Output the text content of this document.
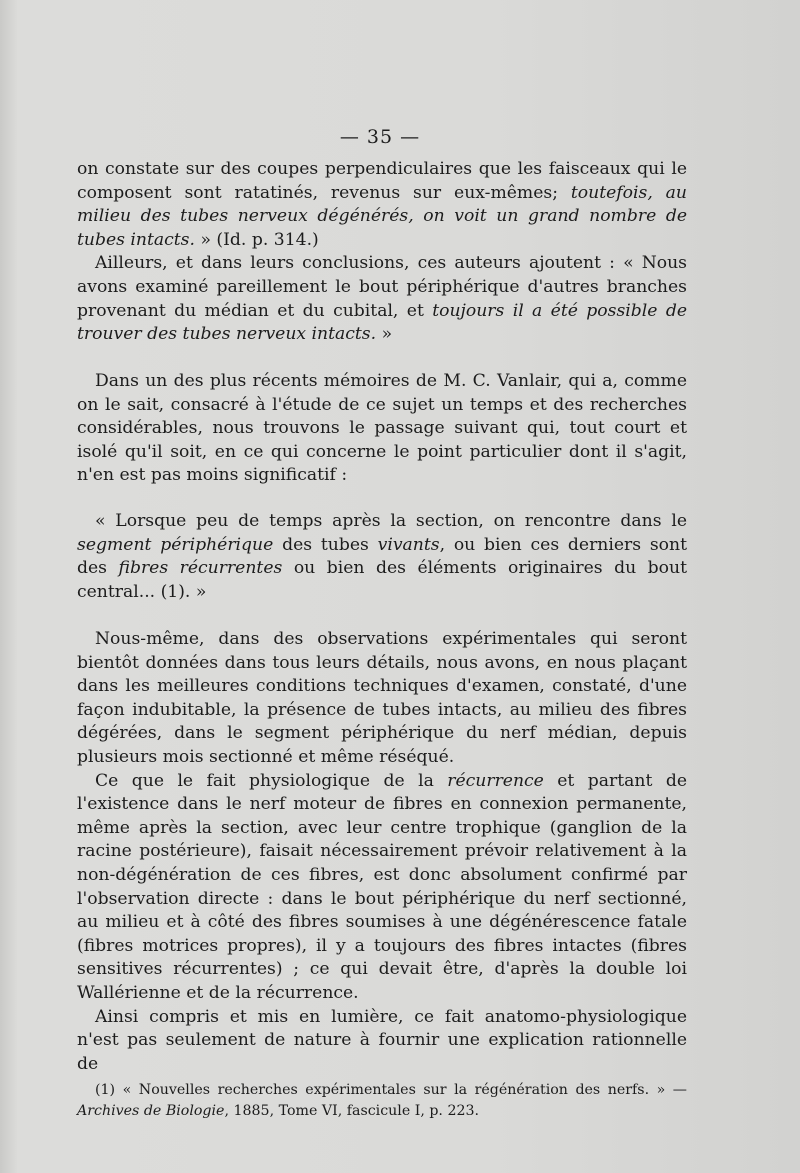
— 35 —

on constate sur des coupes perpendiculaires que les faisceaux qui le composent sont ratatinés, revenus sur eux-mêmes; toutefois, au milieu des tubes nerveux dégénérés, on voit un grand nombre de tubes intacts. » (Id. p. 314.)

Ailleurs, et dans leurs conclusions, ces auteurs ajoutent : « Nous avons examiné pareillement le bout périphérique d'autres branches provenant du médian et du cubital, et toujours il a été possible de trouver des tubes nerveux intacts. »

Dans un des plus récents mémoires de M. C. Vanlair, qui a, comme on le sait, consacré à l'étude de ce sujet un temps et des recherches considérables, nous trouvons le passage suivant qui, tout court et isolé qu'il soit, en ce qui concerne le point particulier dont il s'agit, n'en est pas moins significatif :

« Lorsque peu de temps après la section, on rencontre dans le segment périphérique des tubes vivants, ou bien ces derniers sont des fibres récurrentes ou bien des éléments originaires du bout central... (1). »

Nous-même, dans des observations expérimentales qui seront bientôt données dans tous leurs détails, nous avons, en nous plaçant dans les meilleures conditions techniques d'examen, constaté, d'une façon indubitable, la présence de tubes intacts, au milieu des fibres dégérées, dans le segment périphérique du nerf médian, depuis plusieurs mois sectionné et même réséqué.

Ce que le fait physiologique de la récurrence et partant de l'existence dans le nerf moteur de fibres en connexion permanente, même après la section, avec leur centre trophique (ganglion de la racine postérieure), faisait nécessairement prévoir relativement à la non-dégénération de ces fibres, est donc absolument confirmé par l'observation directe : dans le bout périphérique du nerf sectionné, au milieu et à côté des fibres soumises à une dégénérescence fatale (fibres motrices propres), il y a toujours des fibres intactes (fibres sensitives récurrentes) ; ce qui devait être, d'après la double loi Wallérienne et de la récurrence.

Ainsi compris et mis en lumière, ce fait anatomo-physiologique n'est pas seulement de nature à fournir une explication rationnelle de

(1) « Nouvelles recherches expérimentales sur la régénération des nerfs. » — Archives de Biologie, 1885, Tome VI, fascicule I, p. 223.
